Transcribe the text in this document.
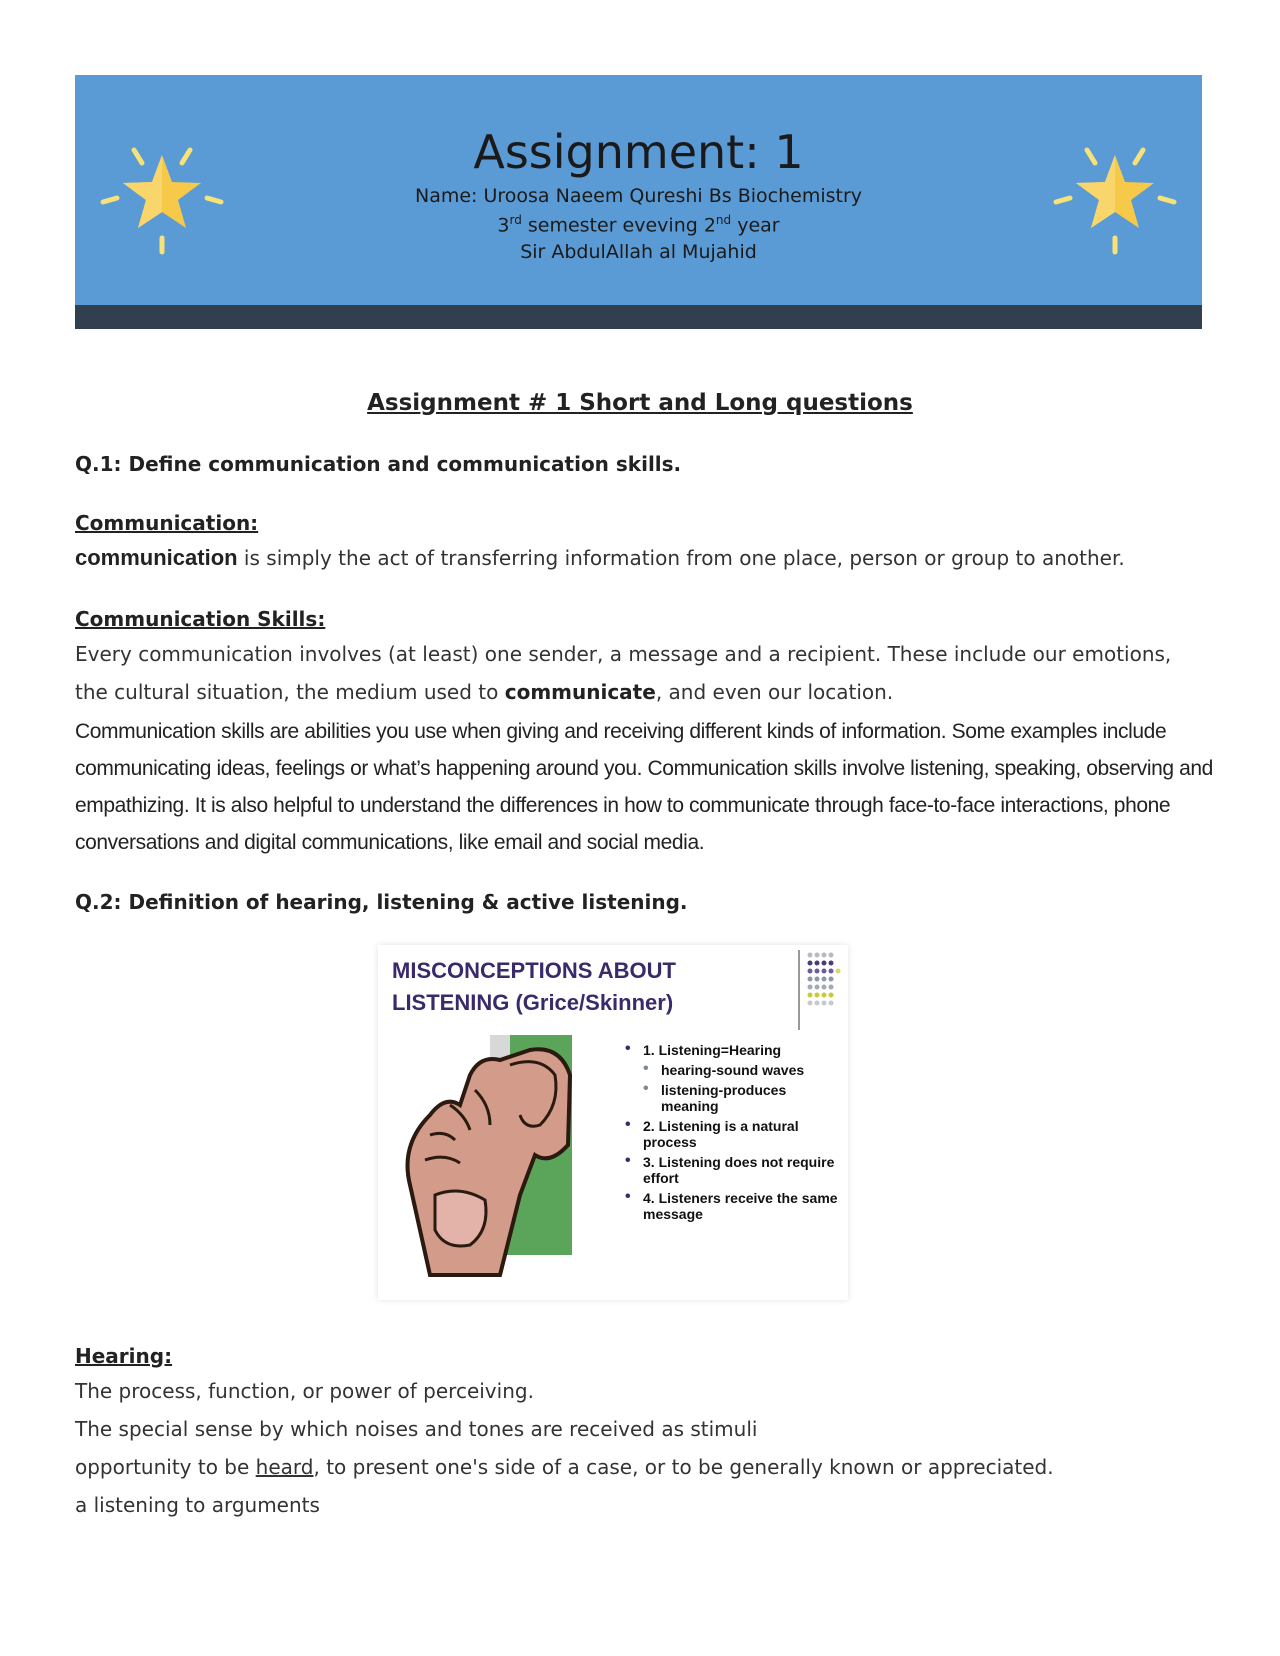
Assignment: 1
Name: Uroosa Naeem Qureshi Bs Biochemistry
3rd semester eveving 2nd year
Sir AbdulAllah al Mujahid
Assignment # 1 Short and Long questions
Q.1: Define communication and communication skills.
Communication:
communication is simply the act of transferring information from one place, person or group to another.
Communication Skills:
Every communication involves (at least) one sender, a message and a recipient. These include our emotions, the cultural situation, the medium used to communicate, and even our location.
Communication skills are abilities you use when giving and receiving different kinds of information. Some examples include communicating ideas, feelings or what’s happening around you. Communication skills involve listening, speaking, observing and empathizing. It is also helpful to understand the differences in how to communicate through face-to-face interactions, phone conversations and digital communications, like email and social media.
Q.2: Definition of hearing, listening & active listening.
MISCONCEPTIONS ABOUT
LISTENING (Grice/Skinner)
• 1. Listening=Hearing
• hearing-sound waves
• listening-produces meaning
• 2. Listening is a natural process
• 3. Listening does not require effort
• 4. Listeners receive the same message
Hearing:
The process, function, or power of perceiving.
The special sense by which noises and tones are received as stimuli
opportunity to be heard, to present one's side of a case, or to be generally known or appreciated.
a listening to arguments
